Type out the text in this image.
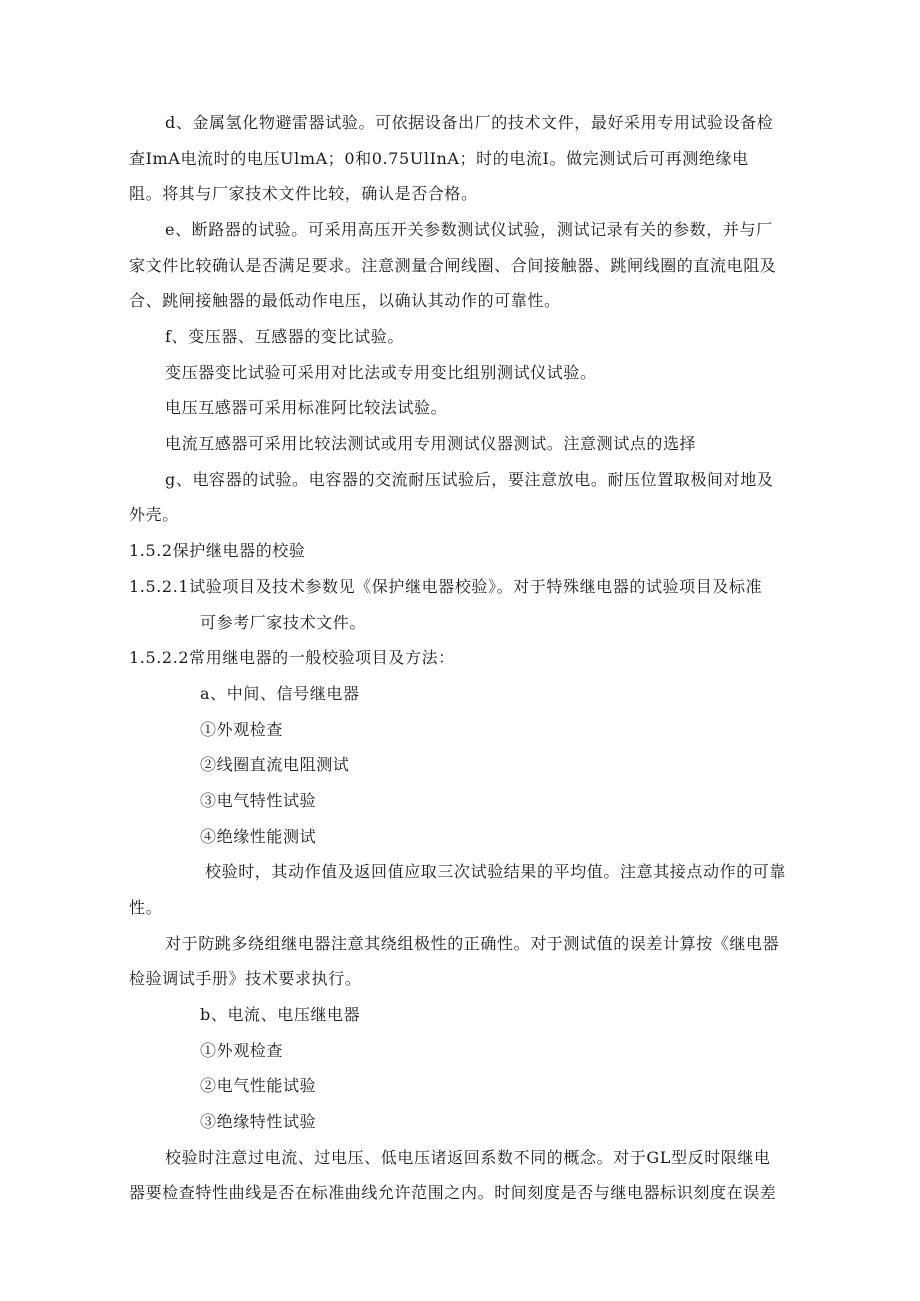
d、金属氢化物避雷器试验。可依据设备出厂的技术文件，最好采用专用试验设备检
查ImA电流时的电压UlmA；0和0.75UlInA；时的电流I。做完测试后可再测绝缘电
阻。将其与厂家技术文件比较，确认是否合格。
e、断路器的试验。可采用高压开关参数测试仪试验，测试记录有关的参数，并与厂
家文件比较确认是否满足要求。注意测量合闸线圈、合间接触器、跳闸线圈的直流电阻及
合、跳闸接触器的最低动作电压，以确认其动作的可靠性。
f、变压器、互感器的变比试验。
变压器变比试验可采用对比法或专用变比组别测试仪试验。
电压互感器可采用标准阿比较法试验。
电流互感器可采用比较法测试或用专用测试仪器测试。注意测试点的选择
g、电容器的试验。电容器的交流耐压试验后，要注意放电。耐压位置取极间对地及
外壳。
1.5.2保护继电器的校验
1.5.2.1试验项目及技术参数见《保护继电器校验》。对于特殊继电器的试验项目及标准
可参考厂家技术文件。
1.5.2.2常用继电器的一般校验项目及方法：
a、中间、信号继电器
①外观检查
②线圈直流电阻测试
③电气特性试验
④绝缘性能测试
校验时，其动作值及返回值应取三次试验结果的平均值。注意其接点动作的可靠
性。
对于防跳多绕组继电器注意其绕组极性的正确性。对于测试值的误差计算按《继电器
检验调试手册》技术要求执行。
b、电流、电压继电器
①外观检查
②电气性能试验
③绝缘特性试验
校验时注意过电流、过电压、低电压诸返回系数不同的概念。对于GL型反时限继电
器要检查特性曲线是否在标准曲线允许范围之内。时间刻度是否与继电器标识刻度在误差
